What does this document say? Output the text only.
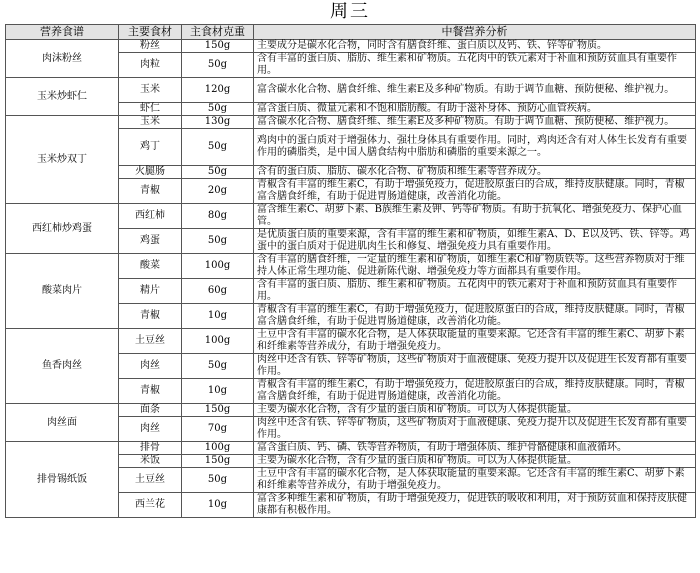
周三
营养食谱	主要食材	主食材克重	中餐营养分析
肉沫粉丝	粉丝	150g	主要成分是碳水化合物，同时含有膳食纤维、蛋白质以及钙、铁、锌等矿物质。
	肉粒	50g	含有丰富的蛋白质、脂肪、维生素和矿物质。五花肉中的铁元素对于补血和预防贫血具有重要作用。
玉米炒虾仁	玉米	120g	富含碳水化合物、膳食纤维、维生素E及多种矿物质。有助于调节血糖、预防便秘、维护视力。
	虾仁	50g	富含蛋白质、微量元素和不饱和脂肪酸。有助于滋补身体、预防心血管疾病。
玉米炒双丁	玉米	130g	富含碳水化合物、膳食纤维、维生素E及多种矿物质。有助于调节血糖、预防便秘、维护视力。
	鸡丁	50g	鸡肉中的蛋白质对于增强体力、强壮身体具有重要作用。同时，鸡肉还含有对人体生长发育有重要作用的磷脂类，是中国人膳食结构中脂肪和磷脂的重要来源之一。
	火腿肠	50g	含有的蛋白质、脂肪、碳水化合物、矿物质和维生素等营养成分。
	青椒	20g	青椒含有丰富的维生素C，有助于增强免疫力，促进胶原蛋白的合成，维持皮肤健康。同时，青椒富含膳食纤维，有助于促进胃肠道健康，改善消化功能。
西红柿炒鸡蛋	西红柿	80g	富含维生素C、胡萝卜素、B族维生素及钾、钙等矿物质。有助于抗氧化、增强免疫力、保护心血管。
	鸡蛋	50g	是优质蛋白质的重要来源，含有丰富的维生素和矿物质，如维生素A、D、E以及钙、铁、锌等。鸡蛋中的蛋白质对于促进肌肉生长和修复、增强免疫力具有重要作用。
酸菜肉片	酸菜	100g	含有丰富的膳食纤维，一定量的维生素和矿物质，如维生素C和矿物质铁等。这些营养物质对于维持人体正常生理功能、促进新陈代谢、增强免疫力等方面都具有重要作用。
	精片	60g	含有丰富的蛋白质、脂肪、维生素和矿物质。五花肉中的铁元素对于补血和预防贫血具有重要作用。
	青椒	10g	青椒含有丰富的维生素C，有助于增强免疫力，促进胶原蛋白的合成，维持皮肤健康。同时，青椒富含膳食纤维，有助于促进胃肠道健康，改善消化功能。
鱼香肉丝	土豆丝	100g	土豆中含有丰富的碳水化合物，是人体获取能量的重要来源。它还含有丰富的维生素C、胡萝卜素和纤维素等营养成分，有助于增强免疫力。
	肉丝	50g	肉丝中还含有铁、锌等矿物质，这些矿物质对于血液健康、免疫力提升以及促进生长发育都有重要作用。
	青椒	10g	青椒含有丰富的维生素C，有助于增强免疫力，促进胶原蛋白的合成，维持皮肤健康。同时，青椒富含膳食纤维，有助于促进胃肠道健康，改善消化功能。
肉丝面	面条	150g	主要为碳水化合物，含有少量的蛋白质和矿物质。可以为人体提供能量。
	肉丝	70g	肉丝中还含有铁、锌等矿物质，这些矿物质对于血液健康、免疫力提升以及促进生长发育都有重要作用。
排骨锡纸饭	排骨	100g	富含蛋白质、钙、磷、铁等营养物质，有助于增强体质、维护骨骼健康和血液循环。
	米饭	150g	主要为碳水化合物，含有少量的蛋白质和矿物质。可以为人体提供能量。
	土豆丝	50g	土豆中含有丰富的碳水化合物，是人体获取能量的重要来源。它还含有丰富的维生素C、胡萝卜素和纤维素等营养成分，有助于增强免疫力。
	西兰花	10g	富含多种维生素和矿物质，有助于增强免疫力，促进铁的吸收和利用，对于预防贫血和保持皮肤健康都有积极作用。
